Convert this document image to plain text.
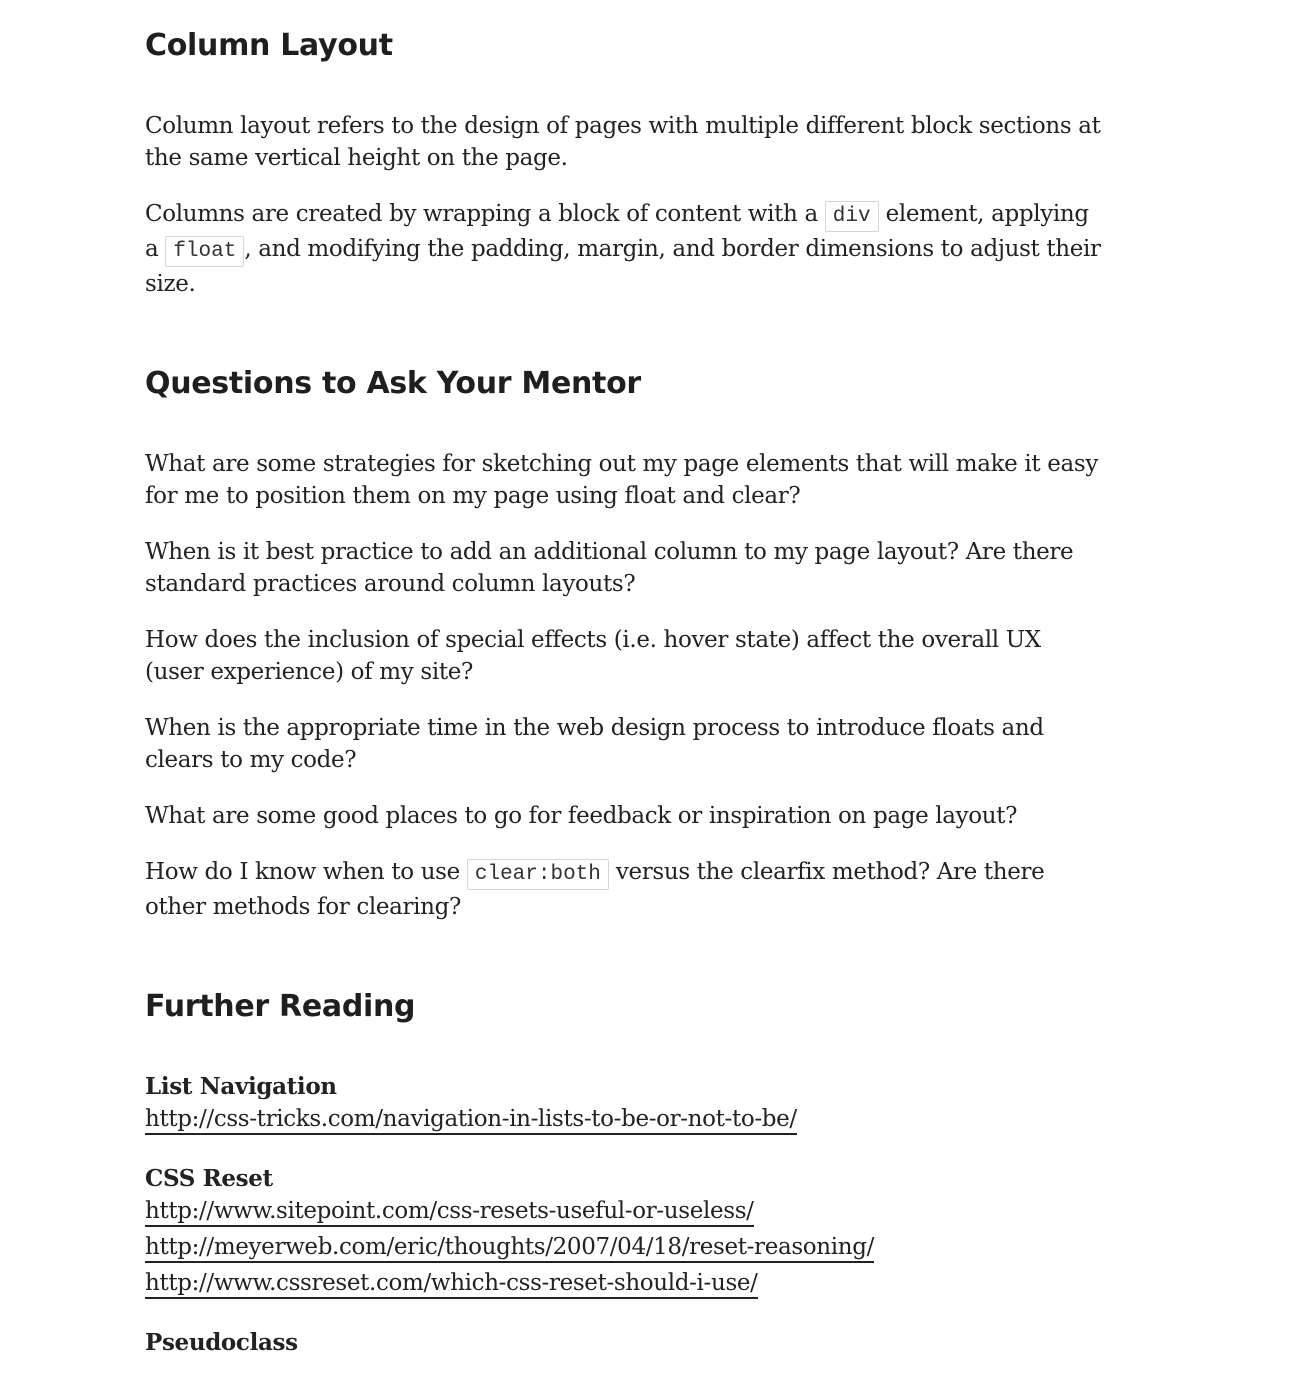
Column Layout

Column layout refers to the design of pages with multiple different block sections at the same vertical height on the page.

Columns are created by wrapping a block of content with a div element, applying a float , and modifying the padding, margin, and border dimensions to adjust their size.

Questions to Ask Your Mentor

What are some strategies for sketching out my page elements that will make it easy for me to position them on my page using float and clear?

When is it best practice to add an additional column to my page layout? Are there standard practices around column layouts?

How does the inclusion of special effects (i.e. hover state) affect the overall UX (user experience) of my site?

When is the appropriate time in the web design process to introduce floats and clears to my code?

What are some good places to go for feedback or inspiration on page layout?

How do I know when to use clear:both versus the clearfix method? Are there other methods for clearing?

Further Reading
List Navigation
http://css-tricks.com/navigation-in-lists-to-be-or-not-to-be/
CSS Reset
http://www.sitepoint.com/css-resets-useful-or-useless/
http://meyerweb.com/eric/thoughts/2007/04/18/reset-reasoning/
http://www.cssreset.com/which-css-reset-should-i-use/
Pseudoclass
